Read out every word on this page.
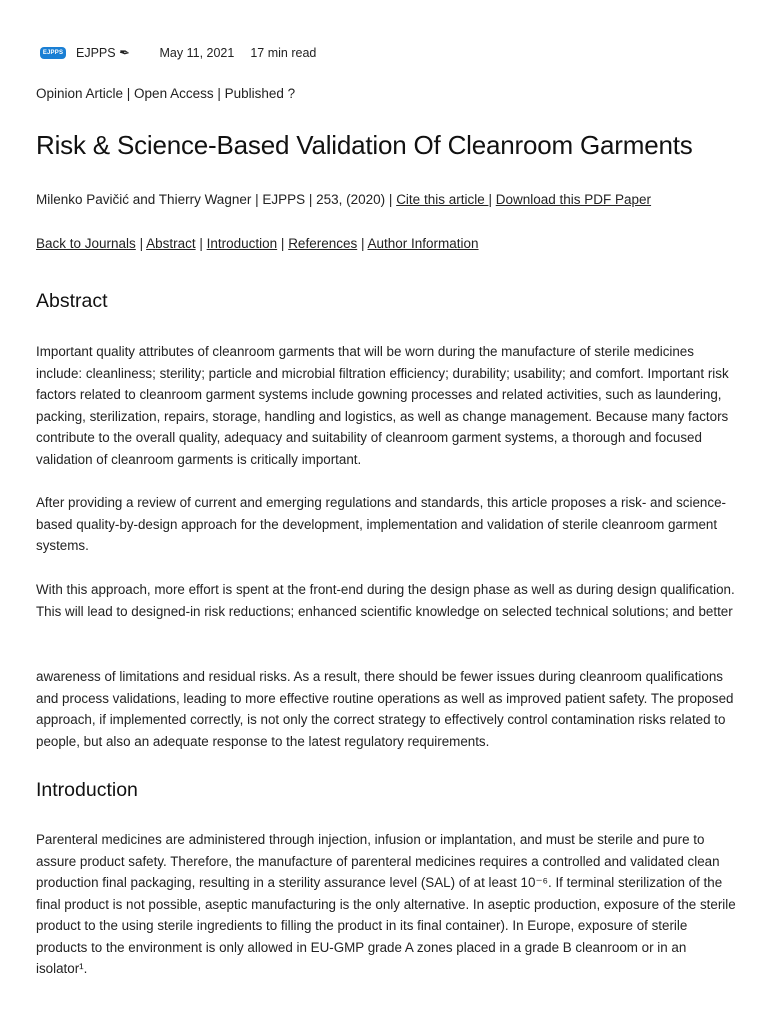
EJPPS EJPPS ✒ May 11, 2021 17 min read
Opinion Article | Open Access | Published ?
Risk & Science-Based Validation Of Cleanroom Garments
Milenko Pavičić and Thierry Wagner | EJPPS | 253, (2020) | Cite this article | Download this PDF Paper
Back to Journals | Abstract | Introduction | References | Author Information
Abstract

Important quality attributes of cleanroom garments that will be worn during the manufacture of sterile medicines include: cleanliness; sterility; particle and microbial filtration efficiency; durability; usability; and comfort. Important risk factors related to cleanroom garment systems include gowning processes and related activities, such as laundering, packing, sterilization, repairs, storage, handling and logistics, as well as change management. Because many factors contribute to the overall quality, adequacy and suitability of cleanroom garment systems, a thorough and focused validation of cleanroom garments is critically important.

After providing a review of current and emerging regulations and standards, this article proposes a risk- and science-based quality-by-design approach for the development, implementation and validation of sterile cleanroom garment systems.

With this approach, more effort is spent at the front-end during the design phase as well as during design qualification. This will lead to designed-in risk reductions; enhanced scientific knowledge on selected technical solutions; and better

awareness of limitations and residual risks. As a result, there should be fewer issues during cleanroom qualifications and process validations, leading to more effective routine operations as well as improved patient safety. The proposed approach, if implemented correctly, is not only the correct strategy to effectively control contamination risks related to people, but also an adequate response to the latest regulatory requirements.

Introduction

Parenteral medicines are administered through injection, infusion or implantation, and must be sterile and pure to assure product safety. Therefore, the manufacture of parenteral medicines requires a controlled and validated clean production final packaging, resulting in a sterility assurance level (SAL) of at least 10⁻⁶. If terminal sterilization of the final product is not possible, aseptic manufacturing is the only alternative. In aseptic production, exposure of the sterile product to the using sterile ingredients to filling the product in its final container). In Europe, exposure of sterile products to the environment is only allowed in EU-GMP grade A zones placed in a grade B cleanroom or in an isolator¹.
